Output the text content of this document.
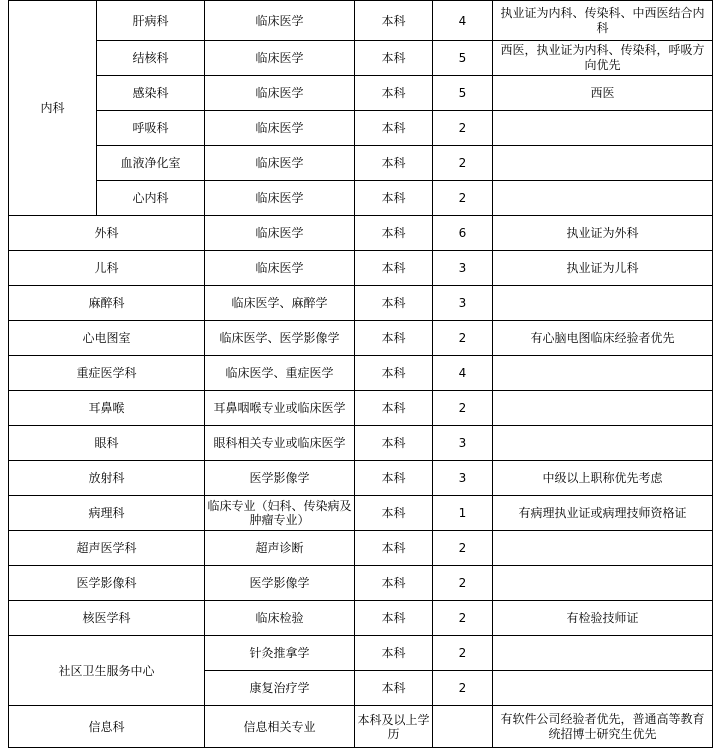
内科	肝病科	临床医学	本科	4	执业证为内科、传染科、中西医结合内科
	结核科	临床医学	本科	5	西医，执业证为内科、传染科，呼吸方向优先
	感染科	临床医学	本科	5	西医
	呼吸科	临床医学	本科	2	
	血液净化室	临床医学	本科	2	
	心内科	临床医学	本科	2	
外科		临床医学	本科	6	执业证为外科
儿科		临床医学	本科	3	执业证为儿科
麻醉科		临床医学、麻醉学	本科	3	
心电图室		临床医学、医学影像学	本科	2	有心脑电图临床经验者优先
重症医学科		临床医学、重症医学	本科	4	
耳鼻喉		耳鼻咽喉专业或临床医学	本科	2	
眼科		眼科相关专业或临床医学	本科	3	
放射科		医学影像学	本科	3	中级以上职称优先考虑
病理科		临床专业（妇科、传染病及肿瘤专业）	本科	1	有病理执业证或病理技师资格证
超声医学科		超声诊断	本科	2	
医学影像科		医学影像学	本科	2	
核医学科		临床检验	本科	2	有检验技师证
社区卫生服务中心		针灸推拿学	本科	2	
		康复治疗学	本科	2	
信息科		信息相关专业	本科及以上学历		有软件公司经验者优先，普通高等教育统招博士研究生优先
